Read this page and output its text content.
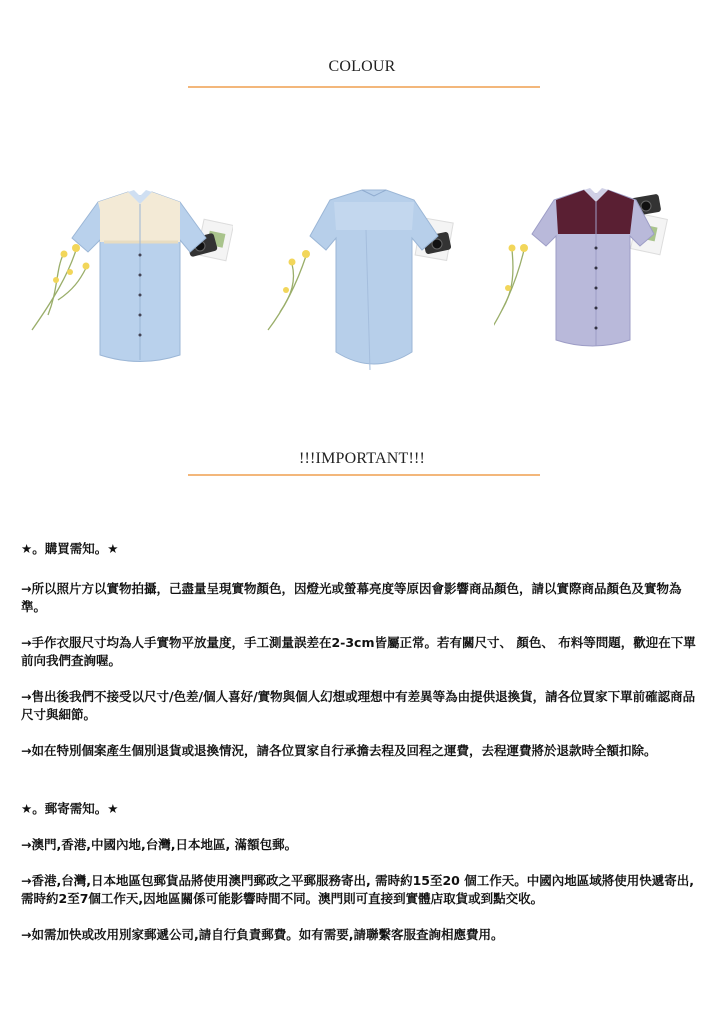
COLOUR
!!!IMPORTANT!!!

★。購買需知。★

→所以照片方以實物拍攝，己盡量呈現實物顏色，因燈光或螢幕亮度等原因會影響商品顏色，請以實際商品顏色及實物為準。

→手作衣服尺寸均為人手實物平放量度，手工測量誤差在2-3cm皆屬正常。若有關尺寸、 顏色、 布料等問題，歡迎在下單前向我們查詢喔。

→售出後我們不接受以尺寸/色差/個人喜好/實物與個人幻想或理想中有差異等為由提供退換貨，請各位買家下單前確認商品尺寸與細節。

→如在特別個案產生個別退貨或退換情況，請各位買家自行承擔去程及回程之運費，去程運費將於退款時全額扣除。

★。郵寄需知。★

→澳門,香港,中國內地,台灣,日本地區, 滿額包郵。

→香港,台灣,日本地區包郵貨品將使用澳門郵政之平郵服務寄出, 需時約15至20 個工作天。中國內地區域將使用快遞寄出,需時約2至7個工作天,因地區關係可能影響時間不同。澳門則可直接到實體店取貨或到點交收。

→如需加快或改用別家郵遞公司,請自行負責郵費。如有需要,請聯繫客服查詢相應費用。
